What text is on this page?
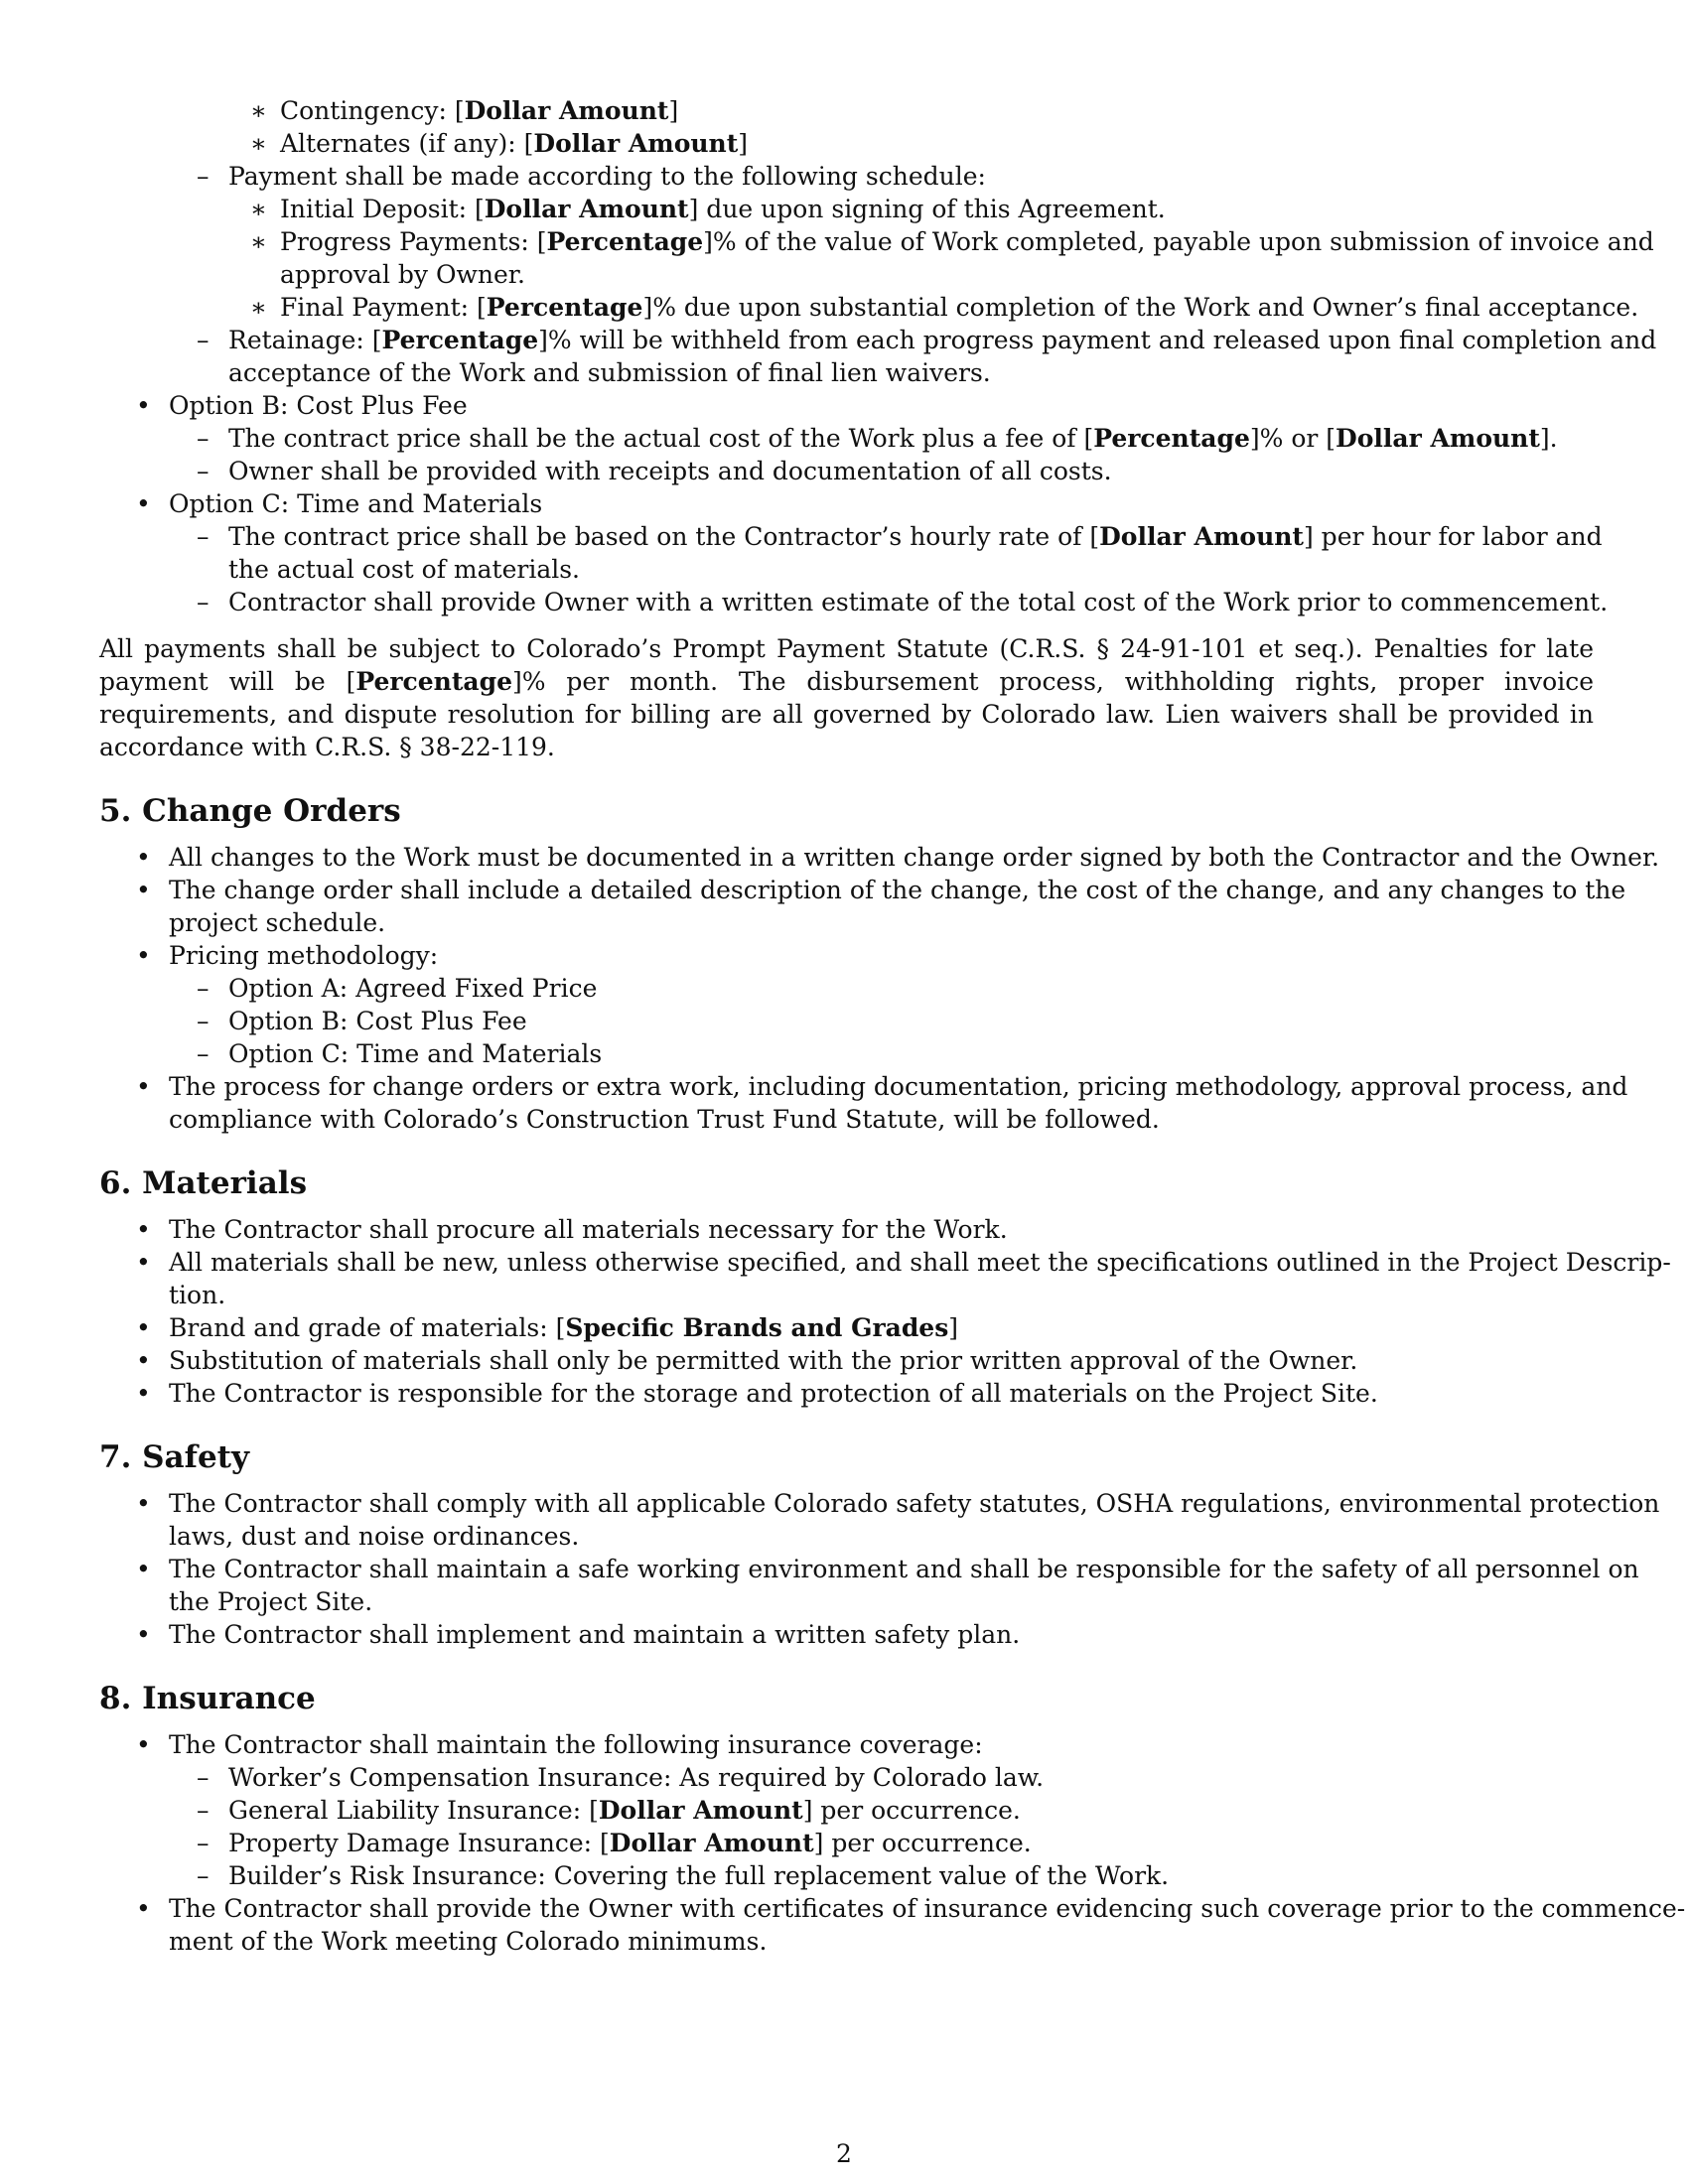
∗ Contingency: [Dollar Amount]
∗ Alternates (if any): [Dollar Amount]
– Payment shall be made according to the following schedule:
∗ Initial Deposit: [Dollar Amount] due upon signing of this Agreement.
∗ Progress Payments: [Percentage]% of the value of Work completed, payable upon submission of invoice and
approval by Owner.
∗ Final Payment: [Percentage]% due upon substantial completion of the Work and Owner’s final acceptance.
– Retainage: [Percentage]% will be withheld from each progress payment and released upon final completion and
acceptance of the Work and submission of final lien waivers.
• Option B: Cost Plus Fee
– The contract price shall be the actual cost of the Work plus a fee of [Percentage]% or [Dollar Amount].
– Owner shall be provided with receipts and documentation of all costs.
• Option C: Time and Materials
– The contract price shall be based on the Contractor’s hourly rate of [Dollar Amount] per hour for labor and
the actual cost of materials.
– Contractor shall provide Owner with a written estimate of the total cost of the Work prior to commencement.
All payments shall be subject to Colorado’s Prompt Payment Statute (C.R.S. § 24-91-101 et seq.). Penalties for late payment will be [Percentage]% per month. The disbursement process, withholding rights, proper invoice requirements, and dispute resolution for billing are all governed by Colorado law. Lien waivers shall be provided in accordance with C.R.S. § 38-22-119.
5. Change Orders
• All changes to the Work must be documented in a written change order signed by both the Contractor and the Owner.
• The change order shall include a detailed description of the change, the cost of the change, and any changes to the
project schedule.
• Pricing methodology:
– Option A: Agreed Fixed Price
– Option B: Cost Plus Fee
– Option C: Time and Materials
• The process for change orders or extra work, including documentation, pricing methodology, approval process, and
compliance with Colorado’s Construction Trust Fund Statute, will be followed.
6. Materials
• The Contractor shall procure all materials necessary for the Work.
• All materials shall be new, unless otherwise specified, and shall meet the specifications outlined in the Project Descrip-
tion.
• Brand and grade of materials: [Specific Brands and Grades]
• Substitution of materials shall only be permitted with the prior written approval of the Owner.
• The Contractor is responsible for the storage and protection of all materials on the Project Site.
7. Safety
• The Contractor shall comply with all applicable Colorado safety statutes, OSHA regulations, environmental protection
laws, dust and noise ordinances.
• The Contractor shall maintain a safe working environment and shall be responsible for the safety of all personnel on
the Project Site.
• The Contractor shall implement and maintain a written safety plan.
8. Insurance
• The Contractor shall maintain the following insurance coverage:
– Worker’s Compensation Insurance: As required by Colorado law.
– General Liability Insurance: [Dollar Amount] per occurrence.
– Property Damage Insurance: [Dollar Amount] per occurrence.
– Builder’s Risk Insurance: Covering the full replacement value of the Work.
• The Contractor shall provide the Owner with certificates of insurance evidencing such coverage prior to the commence-
ment of the Work meeting Colorado minimums.
2
